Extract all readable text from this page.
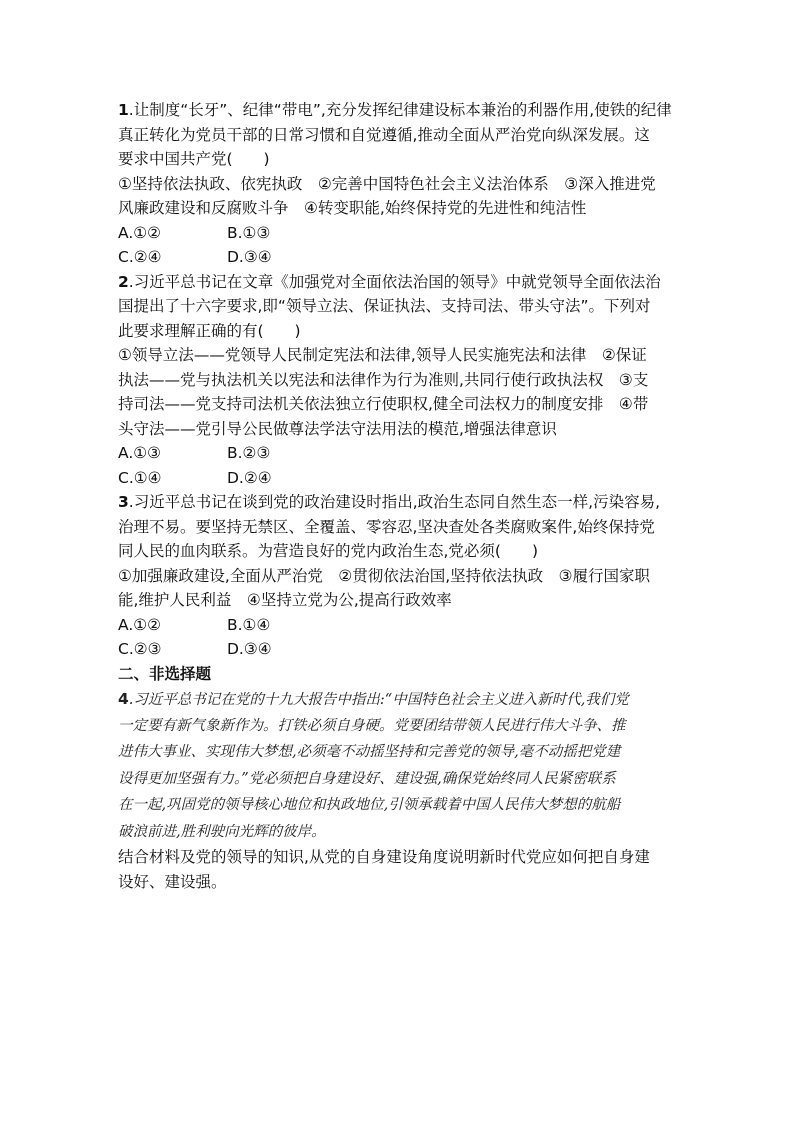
1.让制度“长牙”、纪律“带电”,充分发挥纪律建设标本兼治的利器作用,使铁的纪律
真正转化为党员干部的日常习惯和自觉遵循,推动全面从严治党向纵深发展。这
要求中国共产党(　　)
①坚持依法执政、依宪执政　②完善中国特色社会主义法治体系　③深入推进党
风廉政建设和反腐败斗争　④转变职能,始终保持党的先进性和纯洁性
A.①②	B.①③
C.②④	D.③④
2.习近平总书记在文章《加强党对全面依法治国的领导》中就党领导全面依法治
国提出了十六字要求,即“领导立法、保证执法、支持司法、带头守法”。下列对
此要求理解正确的有(　　)
①领导立法——党领导人民制定宪法和法律,领导人民实施宪法和法律　②保证
执法——党与执法机关以宪法和法律作为行为准则,共同行使行政执法权　③支
持司法——党支持司法机关依法独立行使职权,健全司法权力的制度安排　④带
头守法——党引导公民做尊法学法守法用法的模范,增强法律意识
A.①③	B.②③
C.①④	D.②④
3.习近平总书记在谈到党的政治建设时指出,政治生态同自然生态一样,污染容易,
治理不易。要坚持无禁区、全覆盖、零容忍,坚决查处各类腐败案件,始终保持党
同人民的血肉联系。为营造良好的党内政治生态,党必须(　　)
①加强廉政建设,全面从严治党　②贯彻依法治国,坚持依法执政　③履行国家职
能,维护人民利益　④坚持立党为公,提高行政效率
A.①②	B.①④
C.②③	D.③④
二、非选择题
4.习近平总书记在党的十九大报告中指出:“中国特色社会主义进入新时代,我们党
一定要有新气象新作为。打铁必须自身硬。党要团结带领人民进行伟大斗争、推
进伟大事业、实现伟大梦想,必须毫不动摇坚持和完善党的领导,毫不动摇把党建
设得更加坚强有力。”党必须把自身建设好、建设强,确保党始终同人民紧密联系
在一起,巩固党的领导核心地位和执政地位,引领承载着中国人民伟大梦想的航船
破浪前进,胜利驶向光辉的彼岸。
结合材料及党的领导的知识,从党的自身建设角度说明新时代党应如何把自身建
设好、建设强。
